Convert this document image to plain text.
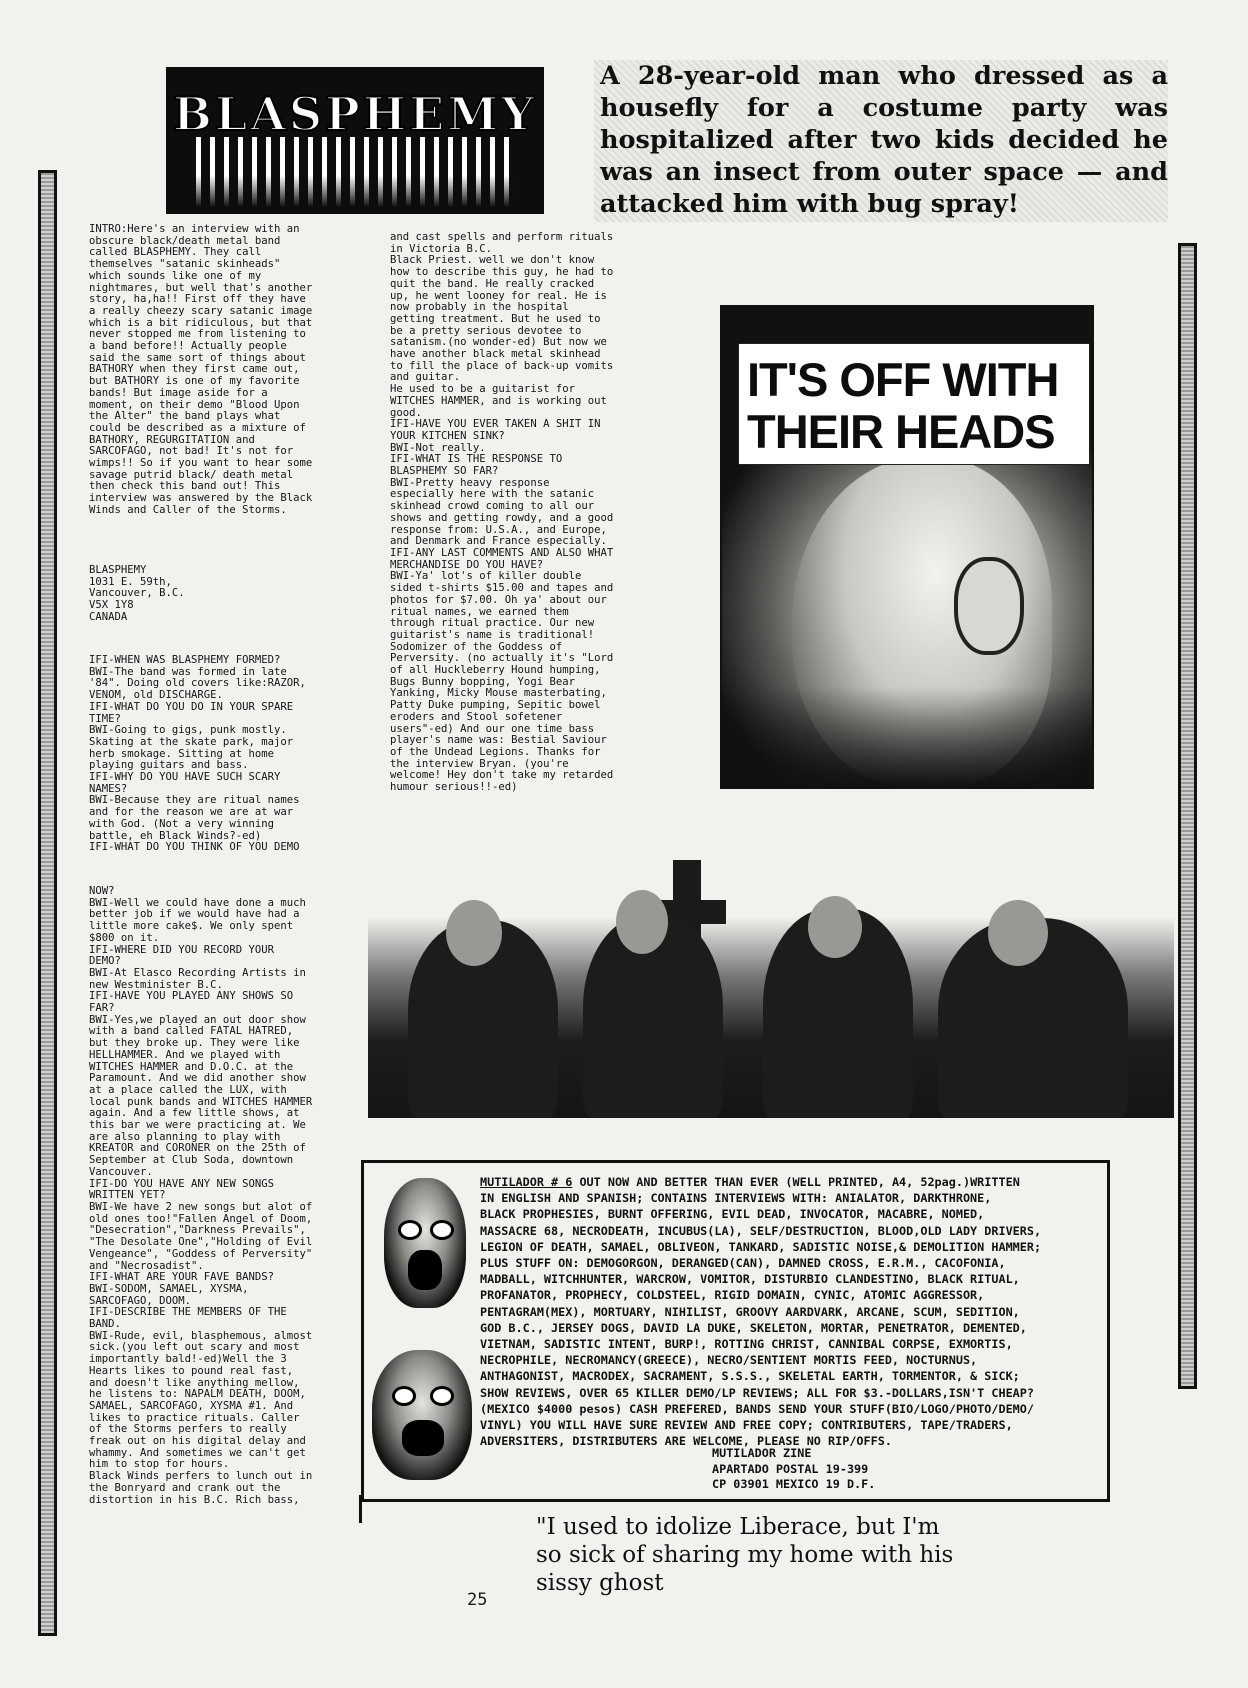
BLASPHEMY
A 28-year-old man who dressed as a housefly for a costume party was hospitalized after two kids decided he was an insect from outer space — and attacked him with bug spray!
INTRO:Here's an interview with an
obscure black/death metal band
called BLASPHEMY. They call
themselves "satanic skinheads"
which sounds like one of my
nightmares, but well that's another
story, ha,ha!! First off they have
a really cheezy scary satanic image
which is a bit ridiculous, but that
never stopped me from listening to
a band before!! Actually people
said the same sort of things about
BATHORY when they first came out,
but BATHORY is one of my favorite
bands! But image aside for a
moment, on their demo "Blood Upon
the Alter" the band plays what
could be described as a mixture of
BATHORY, REGURGITATION and
SARCOFAGO, not bad! It's not for
wimps!! So if you want to hear some
savage putrid black/ death metal
then check this band out! This
interview was answered by the Black
Winds and Caller of the Storms.
BLASPHEMY
1031 E. 59th,
Vancouver, B.C.
V5X 1Y8
CANADA
IFI-WHEN WAS BLASPHEMY FORMED?
BWI-The band was formed in late
'84". Doing old covers like:RAZOR,
VENOM, old DISCHARGE.
IFI-WHAT DO YOU DO IN YOUR SPARE
TIME?
BWI-Going to gigs, punk mostly.
Skating at the skate park, major
herb smokage. Sitting at home
playing guitars and bass.
IFI-WHY DO YOU HAVE SUCH SCARY
NAMES?
BWI-Because they are ritual names
and for the reason we are at war
with God. (Not a very winning
battle, eh Black Winds?-ed)
IFI-WHAT DO YOU THINK OF YOU DEMO
NOW?
BWI-Well we could have done a much
better job if we would have had a
little more cake$. We only spent
$800 on it.
IFI-WHERE DID YOU RECORD YOUR
DEMO?
BWI-At Elasco Recording Artists in
new Westminister B.C.
IFI-HAVE YOU PLAYED ANY SHOWS SO
FAR?
BWI-Yes,we played an out door show
with a band called FATAL HATRED,
but they broke up. They were like
HELLHAMMER. And we played with
WITCHES HAMMER and D.O.C. at the
Paramount. And we did another show
at a place called the LUX, with
local punk bands and WITCHES HAMMER
again. And a few little shows, at
this bar we were practicing at. We
are also planning to play with
KREATOR and CORONER on the 25th of
September at Club Soda, downtown
Vancouver.
IFI-DO YOU HAVE ANY NEW SONGS
WRITTEN YET?
BWI-We have 2 new songs but alot of
old ones too!"Fallen Angel of Doom,
"Desecration","Darkness Prevails",
"The Desolate One","Holding of Evil
Vengeance", "Goddess of Perversity"
and "Necrosadist".
IFI-WHAT ARE YOUR FAVE BANDS?
BWI-SODOM, SAMAEL, XYSMA,
SARCOFAGO, DOOM.
IFI-DESCRIBE THE MEMBERS OF THE
BAND.
BWI-Rude, evil, blasphemous, almost
sick.(you left out scary and most
importantly bald!-ed)Well the 3
Hearts likes to pound real fast,
and doesn't like anything mellow,
he listens to: NAPALM DEATH, DOOM,
SAMAEL, SARCOFAGO, XYSMA #1. And
likes to practice rituals. Caller
of the Storms perfers to really
freak out on his digital delay and
whammy. And sometimes we can't get
him to stop for hours.
Black Winds perfers to lunch out in
the Bonryard and crank out the
distortion in his B.C. Rich bass,
and cast spells and perform rituals
in Victoria B.C.
Black Priest. well we don't know
how to describe this guy, he had to
quit the band. He really cracked
up, he went looney for real. He is
now probably in the hospital
getting treatment. But he used to
be a pretty serious devotee to
satanism.(no wonder-ed) But now we
have another black metal skinhead
to fill the place of back-up vomits
and guitar.
He used to be a guitarist for
WITCHES HAMMER, and is working out
good.
IFI-HAVE YOU EVER TAKEN A SHIT IN
YOUR KITCHEN SINK?
BWI-Not really.
IFI-WHAT IS THE RESPONSE TO
BLASPHEMY SO FAR?
BWI-Pretty heavy response
especially here with the satanic
skinhead crowd coming to all our
shows and getting rowdy, and a good
response from: U.S.A., and Europe,
and Denmark and France especially.
IFI-ANY LAST COMMENTS AND ALSO WHAT
MERCHANDISE DO YOU HAVE?
BWI-Ya' lot's of killer double
sided t-shirts $15.00 and tapes and
photos for $7.00. Oh ya' about our
ritual names, we earned them
through ritual practice. Our new
guitarist's name is traditional!
Sodomizer of the Goddess of
Perversity. (no actually it's "Lord
of all Huckleberry Hound humping,
Bugs Bunny bopping, Yogi Bear
Yanking, Micky Mouse masterbating,
Patty Duke pumping, Sepitic bowel
eroders and Stool sofetener
users"-ed) And our one time bass
player's name was: Bestial Saviour
of the Undead Legions. Thanks for
the interview Bryan. (you're
welcome! Hey don't take my retarded
humour serious!!-ed)
IT'S OFF WITH THEIR HEADS
MUTILADOR # 6 OUT NOW AND BETTER THAN EVER (WELL PRINTED, A4, 52pag.)WRITTEN
IN ENGLISH AND SPANISH; CONTAINS INTERVIEWS WITH: ANIALATOR, DARKTHRONE,
BLACK PROPHESIES, BURNT OFFERING, EVIL DEAD, INVOCATOR, MACABRE, NOMED,
MASSACRE 68, NECRODEATH, INCUBUS(LA), SELF/DESTRUCTION, BLOOD,OLD LADY DRIVERS,
LEGION OF DEATH, SAMAEL, OBLIVEON, TANKARD, SADISTIC NOISE,& DEMOLITION HAMMER;
PLUS STUFF ON: DEMOGORGON, DERANGED(CAN), DAMNED CROSS, E.R.M., CACOFONIA,
MADBALL, WITCHHUNTER, WARCROW, VOMITOR, DISTURBIO CLANDESTINO, BLACK RITUAL,
PROFANATOR, PROPHECY, COLDSTEEL, RIGID DOMAIN, CYNIC, ATOMIC AGGRESSOR,
PENTAGRAM(MEX), MORTUARY, NIHILIST, GROOVY AARDVARK, ARCANE, SCUM, SEDITION,
GOD B.C., JERSEY DOGS, DAVID LA DUKE, SKELETON, MORTAR, PENETRATOR, DEMENTED,
VIETNAM, SADISTIC INTENT, BURP!, ROTTING CHRIST, CANNIBAL CORPSE, EXMORTIS,
NECROPHILE, NECROMANCY(GREECE), NECRO/SENTIENT MORTIS FEED, NOCTURNUS,
ANTHAGONIST, MACRODEX, SACRAMENT, S.S.S., SKELETAL EARTH, TORMENTOR, & SICK;
SHOW REVIEWS, OVER 65 KILLER DEMO/LP REVIEWS; ALL FOR $3.-DOLLARS,ISN'T CHEAP?
(MEXICO $4000 pesos) CASH PREFERED, BANDS SEND YOUR STUFF(BIO/LOGO/PHOTO/DEMO/
VINYL) YOU WILL HAVE SURE REVIEW AND FREE COPY; CONTRIBUTERS, TAPE/TRADERS,
ADVERSITERS, DISTRIBUTERS ARE WELCOME, PLEASE NO RIP/OFFS.
MUTILADOR ZINE
APARTADO POSTAL 19-399
CP 03901 MEXICO 19 D.F.
"I used to idolize Liberace, but I'm
so sick of sharing my home with his
sissy ghost
25
